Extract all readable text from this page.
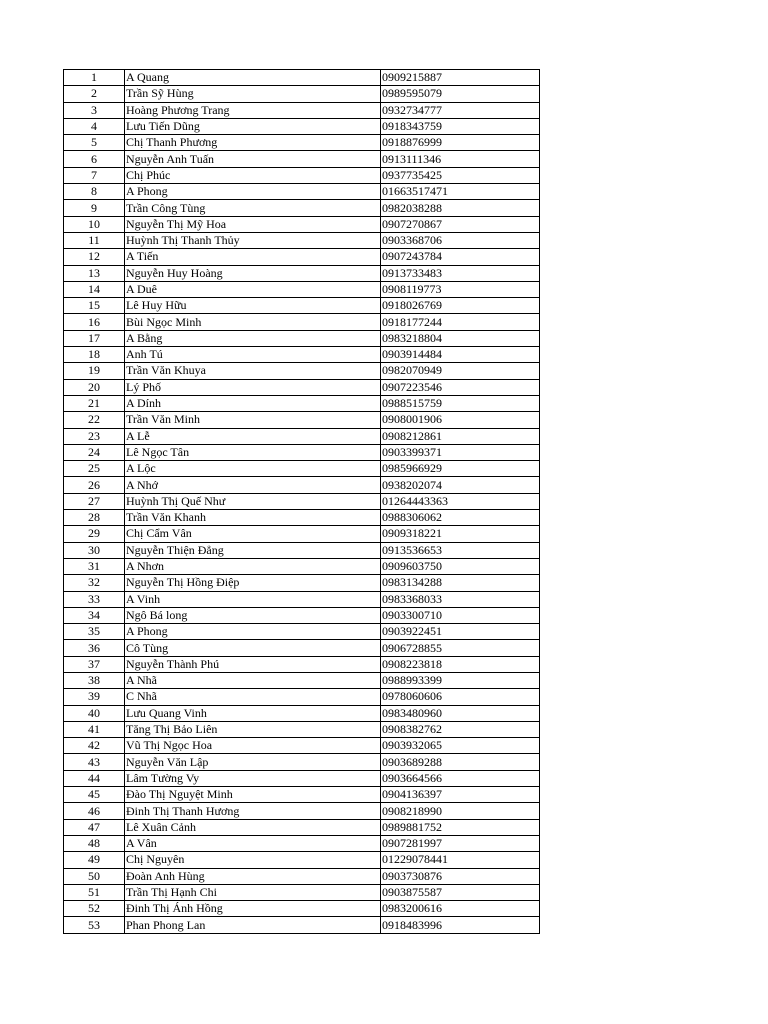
1	A Quang	0909215887
2	Trần Sỹ Hùng	0989595079
3	Hoàng Phương Trang	0932734777
4	Lưu Tiến Dũng	0918343759
5	Chị Thanh Phương	0918876999
6	Nguyễn Anh Tuấn	0913111346
7	Chị Phúc	0937735425
8	A Phong	01663517471
9	Trần Công Tùng	0982038288
10	Nguyễn Thị Mỹ Hoa	0907270867
11	Huỳnh Thị Thanh Thủy	0903368706
12	A Tiến	0907243784
13	Nguyễn Huy Hoàng	0913733483
14	A Duê	0908119773
15	Lê Huy Hữu	0918026769
16	Bùi Ngọc Minh	0918177244
17	A Bằng	0983218804
18	Anh Tú	0903914484
19	Trần Văn Khuya	0982070949
20	Lý Phố	0907223546
21	A Dính	0988515759
22	Trần Văn Minh	0908001906
23	A Lễ	0908212861
24	Lê Ngọc Tân	0903399371
25	A Lộc	0985966929
26	A Nhớ	0938202074
27	Huỳnh Thị Quế Như	01264443363
28	Trần Văn Khanh	0988306062
29	Chị Cẩm Vân	0909318221
30	Nguyễn Thiện Đẳng	0913536653
31	A Nhơn	0909603750
32	Nguyễn Thị Hồng Điệp	0983134288
33	A Vinh	0983368033
34	Ngô Bá long	0903300710
35	A Phong	0903922451
36	Cô Tùng	0906728855
37	Nguyễn Thành Phú	0908223818
38	A Nhã	0988993399
39	C Nhã	0978060606
40	Lưu Quang Vinh	0983480960
41	Tăng Thị Bảo Liên	0908382762
42	Vũ Thị Ngọc Hoa	0903932065
43	Nguyễn Văn Lập	0903689288
44	Lâm Tường Vy	0903664566
45	Đào Thị Nguyệt Minh	0904136397
46	Đinh Thị Thanh Hương	0908218990
47	Lê Xuân Cảnh	0989881752
48	A Vân	0907281997
49	Chị Nguyên	01229078441
50	Đoàn Anh Hùng	0903730876
51	Trần Thị Hạnh Chi	0903875587
52	Đinh Thị Ánh Hồng	0983200616
53	Phan Phong Lan	0918483996
